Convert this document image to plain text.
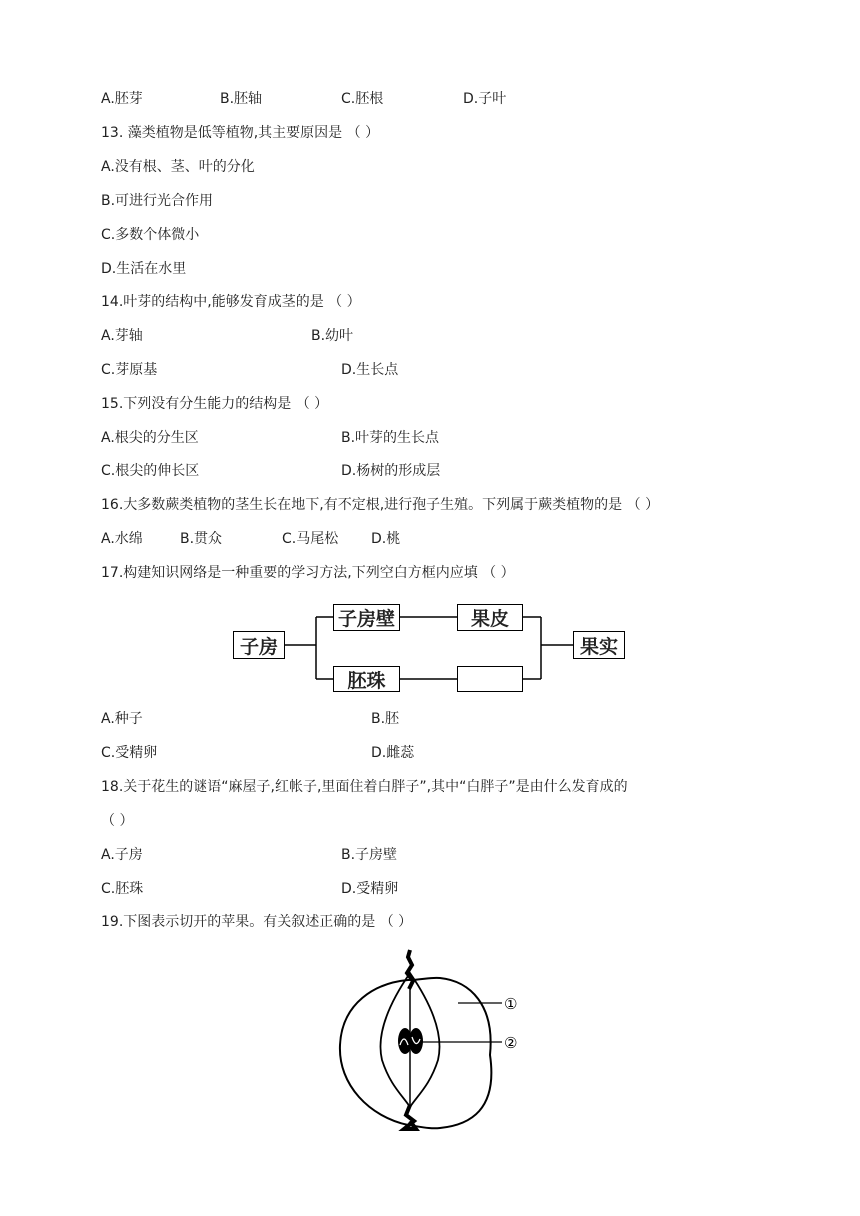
A.胚芽	B.胚轴	C.胚根	D.子叶
13. 藻类植物是低等植物,其主要原因是 （ ）
A.没有根、茎、叶的分化
B.可进行光合作用
C.多数个体微小
D.生活在水里
14.叶芽的结构中,能够发育成茎的是 （ ）
A.芽轴	B.幼叶
C.芽原基	D.生长点
15.下列没有分生能力的结构是 （ ）
A.根尖的分生区	B.叶芽的生长点
C.根尖的伸长区	D.杨树的形成层
16.大多数蕨类植物的茎生长在地下,有不定根,进行孢子生殖。下列属于蕨类植物的是 （ ）
A.水绵	B.贯众	C.马尾松 D.桃
17.构建知识网络是一种重要的学习方法,下列空白方框内应填 （ ）
子房
子房壁	果皮
胚珠
果实
A.种子	B.胚
C.受精卵	D.雌蕊
18.关于花生的谜语“麻屋子,红帐子,里面住着白胖子”,其中“白胖子”是由什么发育成的
（ ）
A.子房	B.子房壁
C.胚珠	D.受精卵
19.下图表示切开的苹果。有关叙述正确的是 （ ）
①
②
